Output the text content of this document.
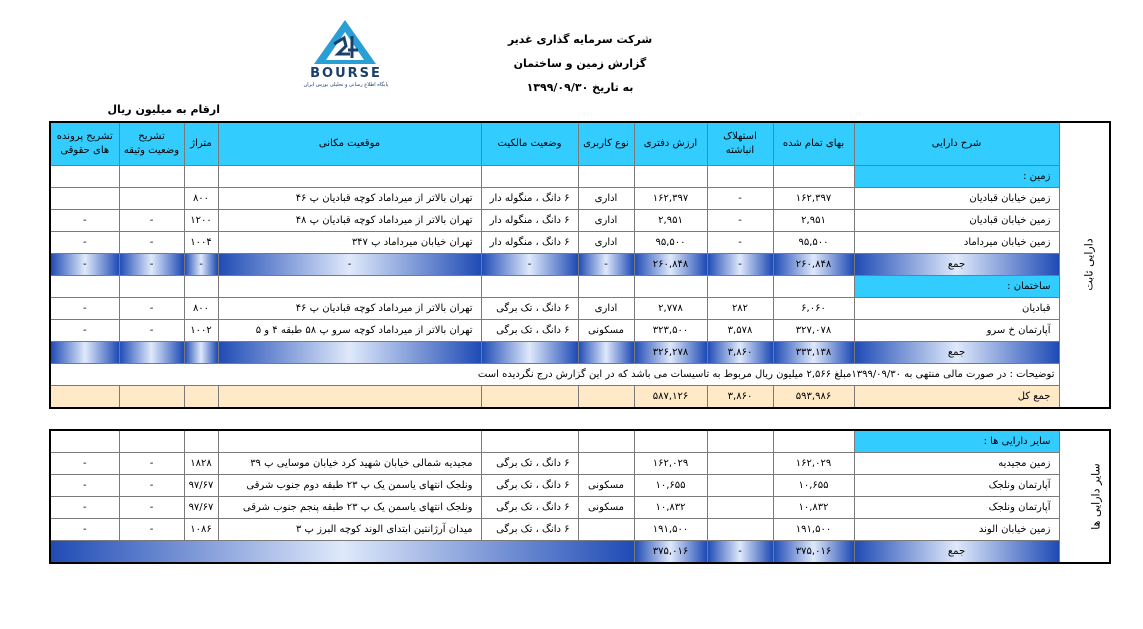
BOURSE
پایگاه اطلاع رسانی و تحلیلی بورس ایران
شرکت سرمایه گذاری غدیر
گزارش زمین و ساختمان
به تاریخ ۱۳۹۹/۰۹/۳۰
ارقام به میلیون ریال
تشریح پرونده های حقوقی	تشریح وضعیت وثیقه	متراژ	موقعیت مکانی	وضعیت مالکیت	نوع کاربری	ارزش دفتری	استهلاک انباشته	بهای تمام شده	شرح دارایی	دارایی ثابت
									زمین :	
		۸۰۰	تهران بالاتر از میرداماد کوچه قبادیان پ ۴۶	۶ دانگ ، منگوله دار	اداری	۱۶۲,۳۹۷	-	۱۶۲,۳۹۷	زمین خیابان قبادیان	
-	-	۱۲۰۰	تهران بالاتر از میرداماد کوچه قبادیان پ ۴۸	۶ دانگ ، منگوله دار	اداری	۲,۹۵۱	-	۲,۹۵۱	زمین خیابان قبادیان	
-	-	۱۰۰۴	تهران خیابان میرداماد پ ۳۴۷	۶ دانگ ، منگوله دار	اداری	۹۵,۵۰۰	-	۹۵,۵۰۰	زمین خیابان میرداماد	
-	-	-	-	-	-	۲۶۰,۸۴۸	-	۲۶۰,۸۴۸	جمع	
									ساختمان :	
-	-	۸۰۰	تهران بالاتر از میرداماد کوچه قبادیان پ ۴۶	۶ دانگ ، تک برگی	اداری	۲,۷۷۸	۲۸۲	۶,۰۶۰	قبادیان	
-	-	۱۰۰۲	تهران بالاتر از میرداماد کوچه سرو پ ۵۸ طبقه ۴ و ۵	۶ دانگ ، تک برگی	مسکونی	۳۲۳,۵۰۰	۳,۵۷۸	۳۲۷,۰۷۸	آپارتمان خ سرو	
						۳۲۶,۲۷۸	۳,۸۶۰	۳۳۳,۱۳۸	جمع	
توضیحات : در صورت مالی منتهی به ۱۳۹۹/۰۹/۳۰مبلغ ۲,۵۶۶ میلیون ریال مربوط به تاسیسات می باشد که در این گزارش درج نگردیده است										
						۵۸۷,۱۲۶	۳,۸۶۰	۵۹۳,۹۸۶	جمع کل	
									سایر دارایی ها :	سایر دارایی ها
-	-	۱۸۲۸	مجیدیه شمالی خیابان شهید کرد خیابان موسایی پ ۳۹	۶ دانگ ، تک برگی		۱۶۲,۰۲۹		۱۶۲,۰۲۹	زمین مجیدیه	
-	-	۹۷/۶۷	ونلجک انتهای یاسمن یک پ ۲۳ طبقه دوم جنوب شرقی	۶ دانگ ، تک برگی	مسکونی	۱۰,۶۵۵		۱۰,۶۵۵	آپارتمان ونلجک	
-	-	۹۷/۶۷	ونلجک انتهای یاسمن یک پ ۲۳ طبقه پنجم جنوب شرقی	۶ دانگ ، تک برگی	مسکونی	۱۰,۸۳۲		۱۰,۸۳۲	آپارتمان ونلجک	
-	-	۱۰۸۶	میدان آرژانتین ابتدای الوند کوچه البرز پ ۳	۶ دانگ ، تک برگی		۱۹۱,۵۰۰		۱۹۱,۵۰۰	زمین خیابان الوند	
						۳۷۵,۰۱۶	-	۳۷۵,۰۱۶	جمع	
